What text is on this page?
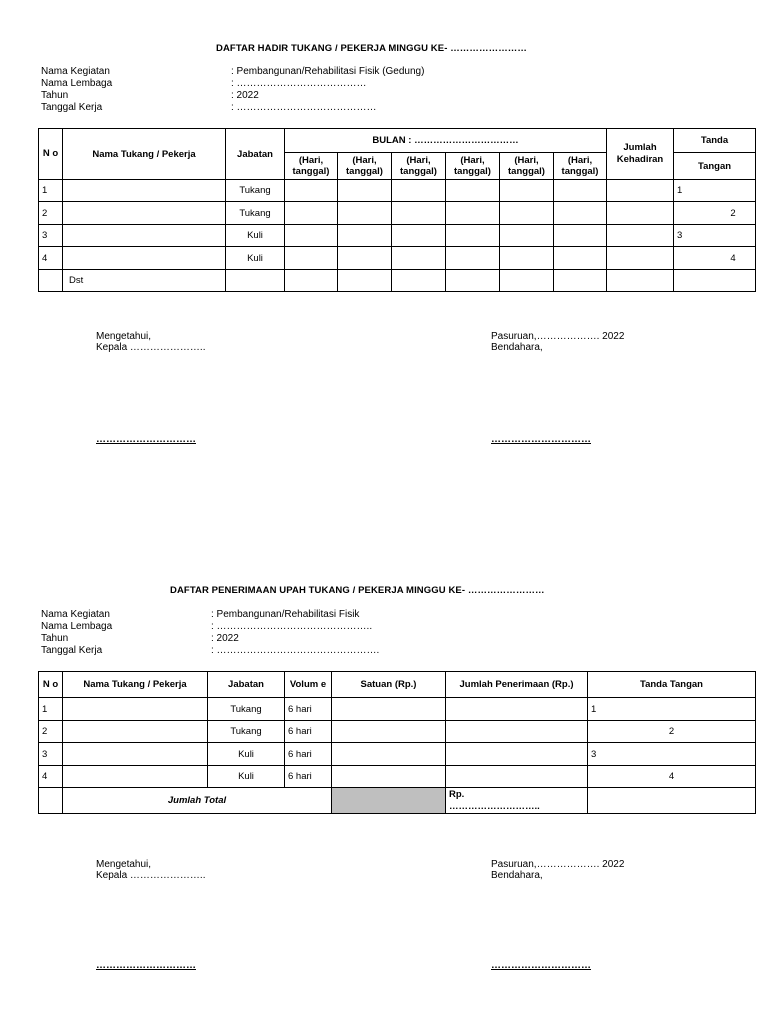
DAFTAR HADIR TUKANG / PEKERJA MINGGU KE- ……………………
Nama Kegiatan	: Pembangunan/Rehabilitasi Fisik (Gedung)
Nama Lembaga	: …………………………………
Tahun	: 2022
Tanggal Kerja	: ……………………………………
N o	Nama Tukang / Pekerja	Jabatan	BULAN : ……………………………						Jumlah Kehadiran	Tanda
			(Hari, tanggal)	(Hari, tanggal)	(Hari, tanggal)	(Hari, tanggal)	(Hari, tanggal)	(Hari, tanggal)		Tangan
1		Tukang								1
2		Tukang								2
3		Kuli								3
4		Kuli								4
	Dst									
Mengetahui,
Kepala …………………..
Pasuruan,………………. 2022
Bendahara,
…………………………	…………………………
DAFTAR PENERIMAAN UPAH TUKANG / PEKERJA MINGGU KE- ……………………
Nama Kegiatan	: Pembangunan/Rehabilitasi Fisik
Nama Lembaga	: ………………………………………..
Tahun	: 2022
Tanggal Kerja	: ………………………………………….
N o	Nama Tukang / Pekerja	Jabatan	Volum e	Satuan (Rp.)	Jumlah Penerimaan (Rp.)	Tanda Tangan
1		Tukang	6 hari			1
2		Tukang	6 hari			2
3		Kuli	6 hari			3
4		Kuli	6 hari			4
	Jumlah Total				Rp.
………………………..	

Mengetahui,
Kepala …………………..
Pasuruan,………………. 2022
Bendahara,
…………………………	…………………………
